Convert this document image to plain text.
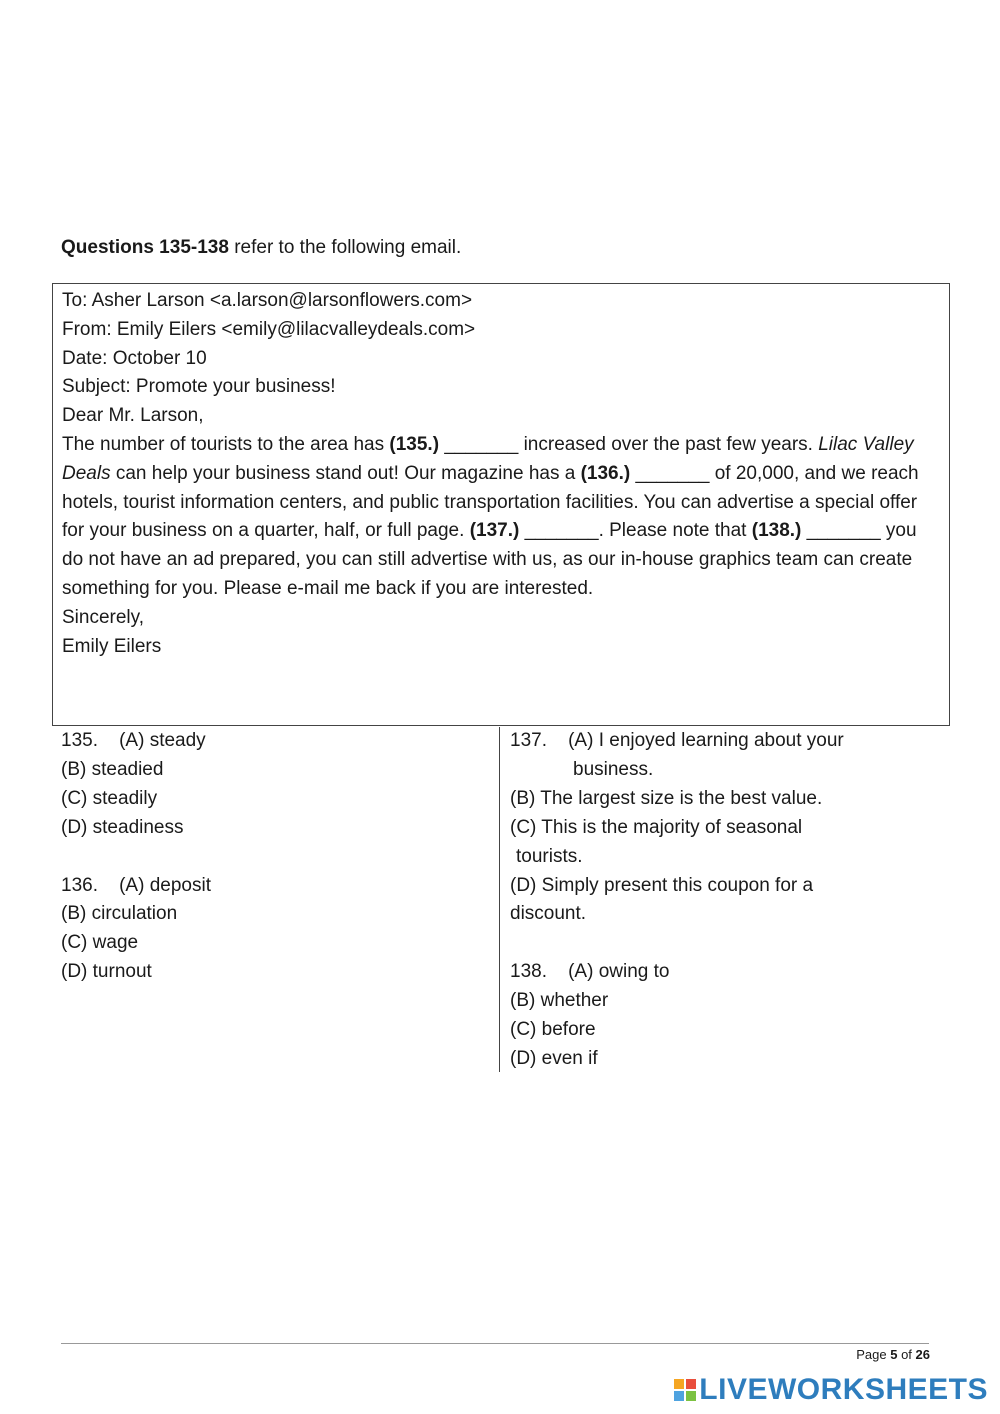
Questions 135-138 refer to the following email.

To: Asher Larson <a.larson@larsonflowers.com>

From: Emily Eilers <emily@lilacvalleydeals.com>

Date: October 10

Subject: Promote your business!

Dear Mr. Larson,

The number of tourists to the area has (135.) _______ increased over the past few years. Lilac Valley Deals can help your business stand out! Our magazine has a (136.) _______ of 20,000, and we reach hotels, tourist information centers, and public transportation facilities. You can advertise a special offer for your business on a quarter, half, or full page. (137.) _______. Please note that (138.) _______ you do not have an ad prepared, you can still advertise with us, as our in-house graphics team can create something for you. Please e-mail me back if you are interested.

Sincerely,

Emily Eilers

135.    (A) steady
(B) steadied
(C) steadily
(D) steadiness
136.    (A) deposit
(B) circulation
(C) wage
(D) turnout
137.    (A) I enjoyed learning about your
business.
(B) The largest size is the best value.
(C) This is the majority of seasonal
tourists.
(D) Simply present this coupon for a
discount.
138.    (A) owing to
(B) whether
(C) before
(D) even if
Page 5 of 26
LIVEWORKSHEETS
